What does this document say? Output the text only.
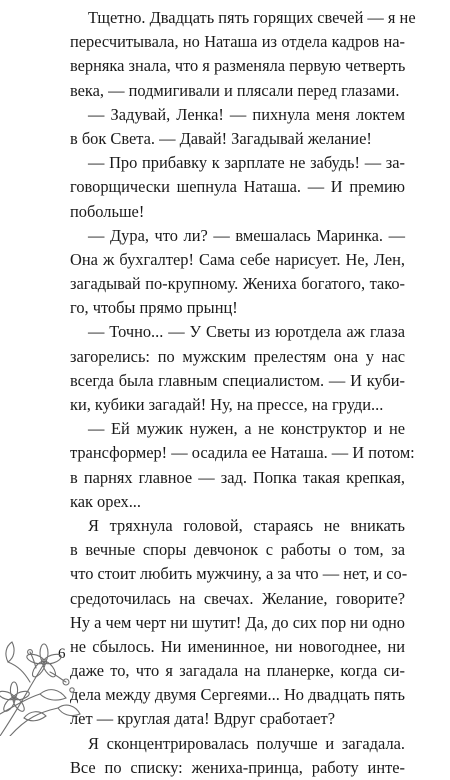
Тщетно. Двадцать пять горящих свечей — я не
пересчитывала, но Наташа из отдела кадров на-
верняка знала, что я разменяла первую четверть
века, — подмигивали и плясали перед глазами.
— Задувай, Ленка! — пихнула меня локтем
в бок Света. — Давай! Загадывай желание!
— Про прибавку к зарплате не забудь! — за-
говорщически шепнула Наташа. — И премию
побольше!
— Дура, что ли? — вмешалась Маринка. —
Она ж бухгалтер! Сама себе нарисует. Не, Лен,
загадывай по-крупному. Жениха богатого, тако-
го, чтобы прямо прынц!
— Точно... — У Светы из юротдела аж глаза
загорелись: по мужским прелестям она у нас
всегда была главным специалистом. — И куби-
ки, кубики загадай! Ну, на прессе, на груди...
— Ей мужик нужен, а не конструктор и не
трансформер! — осадила ее Наташа. — И потом:
в парнях главное — зад. Попка такая крепкая,
как орех...
Я тряхнула головой, стараясь не вникать
в вечные споры девчонок с работы о том, за
что стоит любить мужчину, а за что — нет, и со-
средоточилась на свечах. Желание, говорите?
Ну а чем черт ни шутит! Да, до сих пор ни одно
не сбылось. Ни именинное, ни новогоднее, ни
даже то, что я загадала на планерке, когда си-
дела между двумя Сергеями... Но двадцать пять
лет — круглая дата! Вдруг сработает?
Я сконцентрировалась получше и загадала.
Все по списку: жениха-принца, работу инте-
6
